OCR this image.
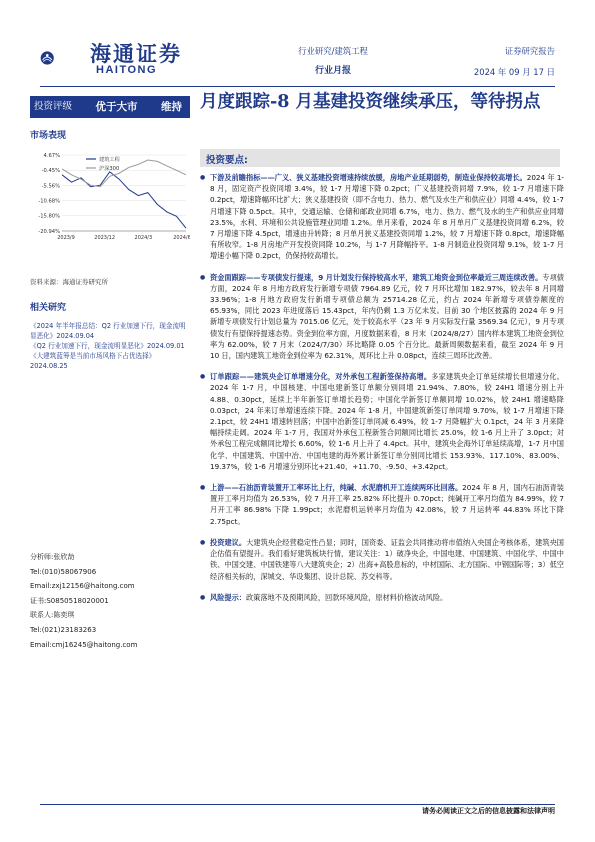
海通证券
HAITONG
行业研究/建筑工程
行业月报
证券研究报告
2024 年 09 月 17 日
投资评级 优于大市 维持
市场表现
4.67%
-0.45%
-5.56%
-10.68%
-15.80%
-20.94%
2023/9	2023/12	2024/3	2024/6
建筑工程
沪深300
资料来源：海通证券研究所
相关研究
《2024 年半年报总结：Q2 行业加速下行，现金流明显恶化》2024.09.04
《Q2 行业加速下行，现金流明显恶化》2024.09.01
《大建筑蓝筹是当前市场风格下占优选择》2024.08.25
分析师:张欣劼
Tel:(010)58067906
Email:zxj12156@haitong.com
证书:S0850518020001
联系人:陈奕琪
Tel:(021)23183263
Email:cmj16245@haitong.com
月度跟踪-8 月基建投资继续承压，等待拐点
投资要点:
● 下游及前瞻指标——广义、狭义基建投资增速持续放缓，房地产业延期弱势，制造业保持较高增长。2024 年 1-8 月，固定资产投资同增 3.4%，较 1-7 月增速下降 0.2pct；广义基建投资同增 7.9%，较 1-7 月增速下降 0.2pct，增速降幅环比扩大；狭义基建投资（即不含电力、热力、燃气及水生产和供应业）同增 4.4%，较 1-7 月增速下降 0.5pct。其中，交通运输、仓储和邮政业同增 6.7%，电力、热力、燃气及水的生产和供应业同增 23.5%，水利、环境和公共设施管理业同增 1.2%。单月来看，2024 年 8 月单月广义基建投资同增 6.2%，较 7 月增速下降 4.5pct，增速由升转降；8 月单月狭义基建投资同增 1.2%，较 7 月增速下降 0.8pct，增速降幅有所收窄。1-8 月房地产开发投资同降 10.2%，与 1-7 月降幅持平。1-8 月制造业投资同增 9.1%，较 1-7 月增速小幅下降 0.2pct，仍保持较高增长。
● 资金面跟踪——专项债发行提速，9 月计划发行保持较高水平，建筑工地资金到位率最近三周连续改善。专项债方面，2024 年 8 月地方政府发行新增专项债 7964.89 亿元，较 7 月环比增加 182.97%，较去年 8 月同增 33.96%；1-8 月地方政府发行新增专项债总额为 25714.28 亿元，约占 2024 年新增专项债券额度的 65.93%，同比 2023 年进度落后 15.43pct，年内仍剩 1.3 万亿未发。目前 30 个地区披露的 2024 年 9 月新增专项债发行计划总量为 7015.06 亿元，处于较高水平（23 年 9 月实际发行量 3569.34 亿元），9 月专项债发行有望保持提速态势。资金到位率方面，月度数据来看，8 月末（2024/8/27）国内样本建筑工地资金到位率为 62.00%，较 7 月末（2024/7/30）环比略降 0.05 个百分比。最新周频数据来看，截至 2024 年 9 月 10 日，国内建筑工地资金到位率为 62.31%，周环比上升 0.08pct，连续三周环比改善。
● 订单跟踪——建筑央企订单增速分化，对外承包工程新签保持高增。多家建筑央企订单延续增长但增速分化。2024 年 1-7 月，中国核建、中国电建新签订单额分别同增 21.94%、7.80%，较 24H1 增速分别上升 4.88、0.30pct，延续上半年新签订单增长趋势；中国化学新签订单额同增 10.02%，较 24H1 增速略降 0.03pct，24 年来订单增速连续下降。2024 年 1-8 月，中国建筑新签订单同增 9.70%，较 1-7 月增速下降 2.1pct，较 24H1 增速转回落；中国中冶新签订单同减 6.49%，较 1-7 月降幅扩大 0.1pct，24 年 3 月来降幅持续走阔。2024 年 1-7 月，我国对外承包工程新签合同额同比增长 25.0%，较 1-6 月上升了 3.0pct；对外承包工程完成额同比增长 6.60%，较 1-6 月上升了 4.4pct。其中，建筑央企海外订单延续高增，1-7 月中国化学、中国建筑、中国中冶、中国电建的海外累计新签订单分别同比增长 153.93%、117.10%、83.00%、19.37%，较 1-6 月增速分别环比+21.40、+11.70、-9.50、+3.42pct。
● 上游——石油沥青装置开工率环比上行，纯碱、水泥磨机开工连续两环比回落。2024 年 8 月，国内石油沥青装置开工率月均值为 26.53%，较 7 月开工率 25.82% 环比提升 0.70pct；纯碱开工率月均值为 84.99%，较 7 月开工率 86.98% 下降 1.99pct；水泥磨机运转率月均值为 42.08%，较 7 月运转率 44.83% 环比下降 2.75pct。
● 投资建议。大建筑央企经营稳定性凸显；同时，国资委、证监会共同推动将市值纳入央国企考核体系，建筑央国企估值有望提升。我们看好建筑板块行情，建议关注：1）破净央企，中国电建、中国建筑、中国化学、中国中铁、中国交建、中国铁建等八大建筑央企；2）出海+高股息标的，中材国际、北方国际、中钢国际等；3）低空经济相关标的，深城交、华设集团、设计总院、苏交科等。
● 风险提示：政策落地不及预期风险，回款环境风险，原材料价格波动风险。
请务必阅读正文之后的信息披露和法律声明
